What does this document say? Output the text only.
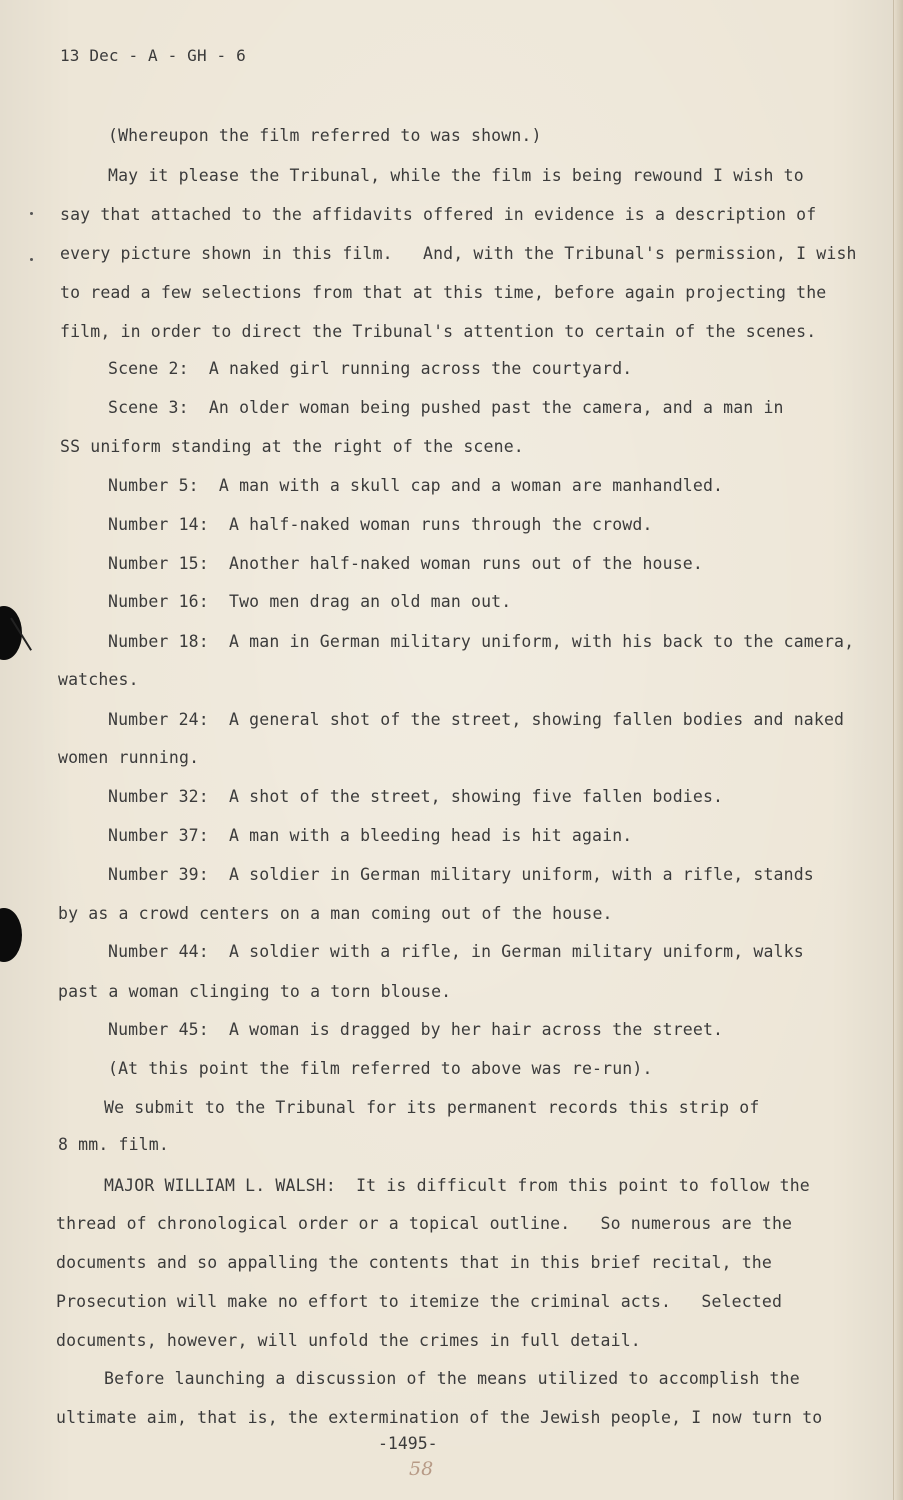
13 Dec - A - GH - 6

(Whereupon the film referred to was shown.)

May it please the Tribunal, while the film is being rewound I wish to

say that attached to the affidavits offered in evidence is a description of

every picture shown in this film.   And, with the Tribunal's permission, I wish

to read a few selections from that at this time, before again projecting the

film, in order to direct the Tribunal's attention to certain of the scenes.

Scene 2:  A naked girl running across the courtyard.

Scene 3:  An older woman being pushed past the camera, and a man in

SS uniform standing at the right of the scene.

Number 5:  A man with a skull cap and a woman are manhandled.

Number 14:  A half-naked woman runs through the crowd.

Number 15:  Another half-naked woman runs out of the house.

Number 16:  Two men drag an old man out.

Number 18:  A man in German military uniform, with his back to the camera,

watches.

Number 24:  A general shot of the street, showing fallen bodies and naked

women running.

Number 32:  A shot of the street, showing five fallen bodies.

Number 37:  A man with a bleeding head is hit again.

Number 39:  A soldier in German military uniform, with a rifle, stands

by as a crowd centers on a man coming out of the house.

Number 44:  A soldier with a rifle, in German military uniform, walks

past a woman clinging to a torn blouse.

Number 45:  A woman is dragged by her hair across the street.

(At this point the film referred to above was re-run).

We submit to the Tribunal for its permanent records this strip of

8 mm. film.

MAJOR WILLIAM L. WALSH:  It is difficult from this point to follow the

thread of chronological order or a topical outline.   So numerous are the

documents and so appalling the contents that in this brief recital, the

Prosecution will make no effort to itemize the criminal acts.   Selected

documents, however, will unfold the crimes in full detail.

Before launching a discussion of the means utilized to accomplish the

ultimate aim, that is, the extermination of the Jewish people, I now turn to

-1495-

58
